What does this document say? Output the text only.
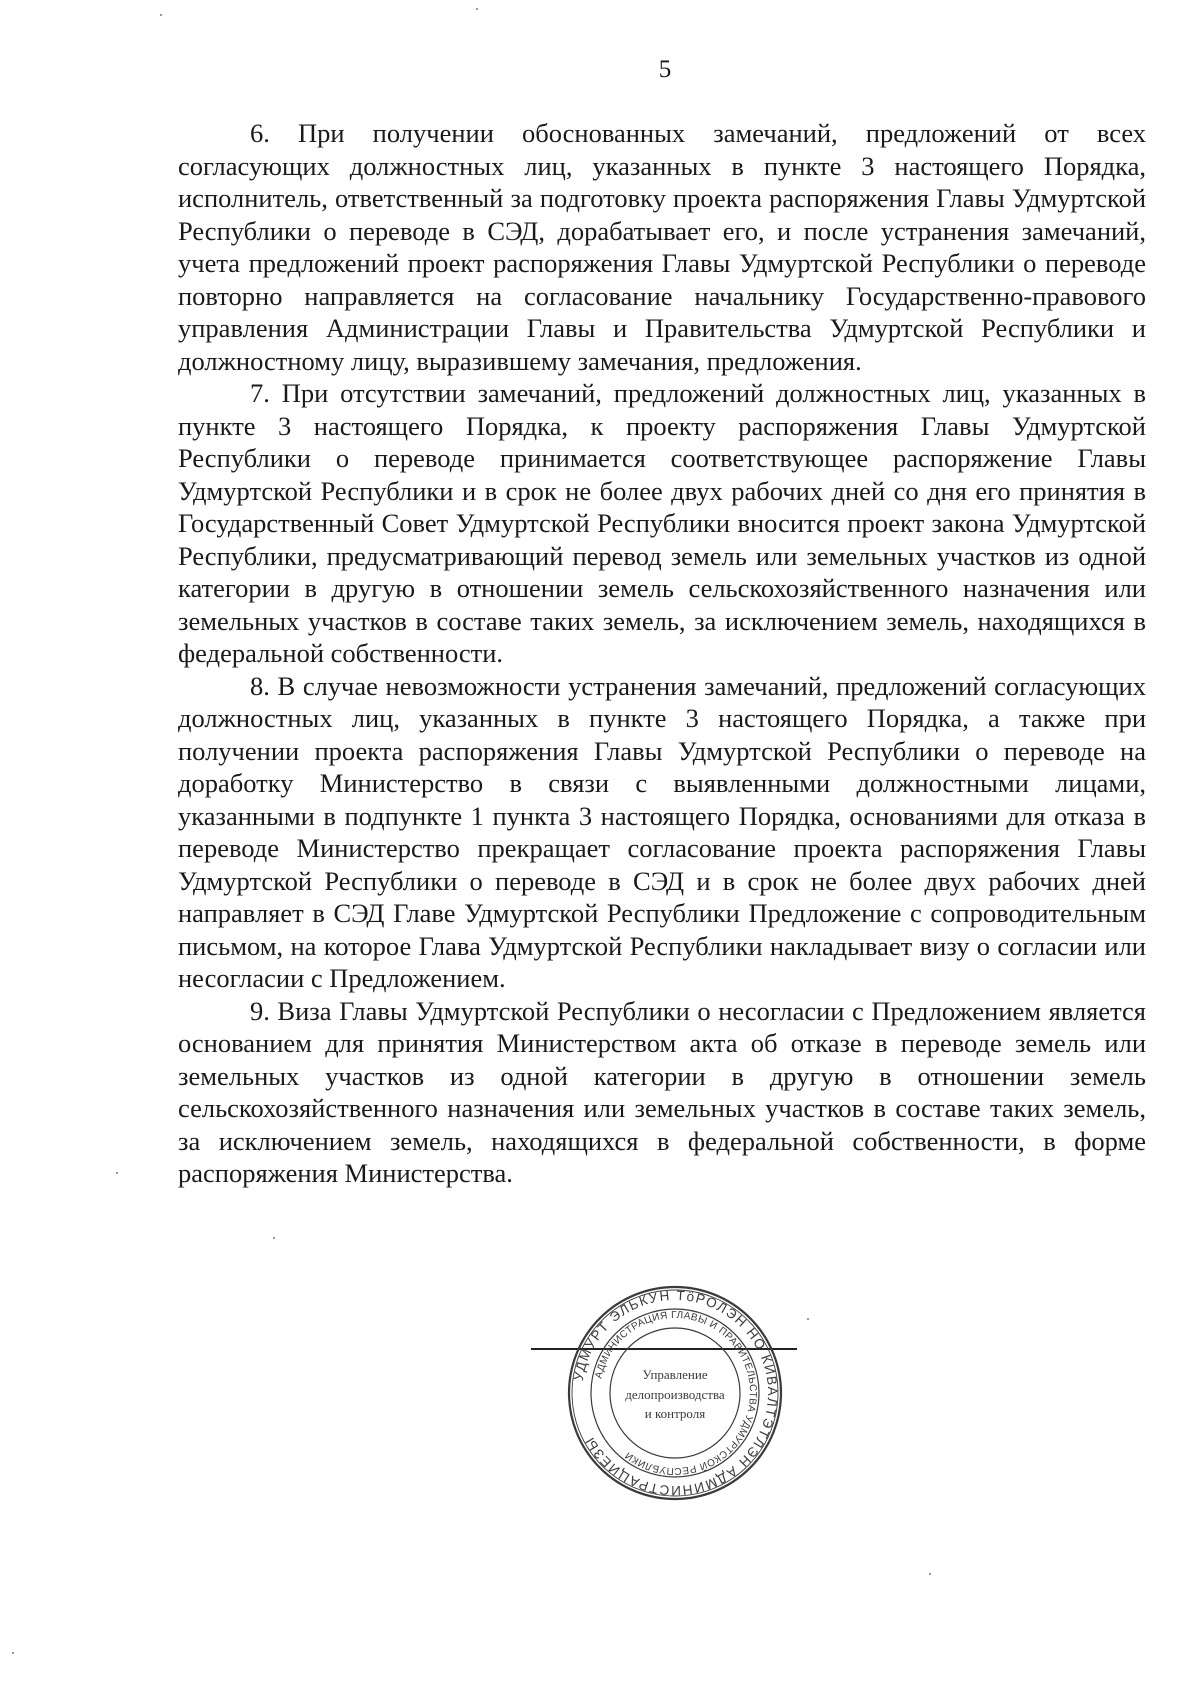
5

6. При получении обоснованных замечаний, предложений от всех согласующих должностных лиц, указанных в пункте 3 настоящего Порядка, исполнитель, ответственный за подготовку проекта распоряжения Главы Удмуртской Республики о переводе в СЭД, дорабатывает его, и после устранения замечаний, учета предложений проект распоряжения Главы Удмуртской Республики о переводе повторно направляется на согласование начальнику Государственно-правового управления Администрации Главы и Правительства Удмуртской Республики и должностному лицу, выразившему замечания, предложения.

7. При отсутствии замечаний, предложений должностных лиц, указанных в пункте 3 настоящего Порядка, к проекту распоряжения Главы Удмуртской Республики о переводе принимается соответствующее распоряжение Главы Удмуртской Республики и в срок не более двух рабочих дней со дня его принятия в Государственный Совет Удмуртской Республики вносится проект закона Удмуртской Республики, предусматривающий перевод земель или земельных участков из одной категории в другую в отношении земель сельскохозяйственного назначения или земельных участков в составе таких земель, за исключением земель, находящихся в федеральной собственности.

8. В случае невозможности устранения замечаний, предложений согласующих должностных лиц, указанных в пункте 3 настоящего Порядка, а также при получении проекта распоряжения Главы Удмуртской Республики о переводе на доработку Министерство в связи с выявленными должностными лицами, указанными в подпункте 1 пункта 3 настоящего Порядка, основаниями для отказа в переводе Министерство прекращает согласование проекта распоряжения Главы Удмуртской Республики о переводе в СЭД и в срок не более двух рабочих дней направляет в СЭД Главе Удмуртской Республики Предложение с сопроводительным письмом, на которое Глава Удмуртской Республики накладывает визу о согласии или несогласии с Предложением.

9. Виза Главы Удмуртской Республики о несогласии с Предложением является основанием для принятия Министерством акта об отказе в переводе земель или земельных участков из одной категории в другую в отношении земель сельскохозяйственного назначения или земельных участков в составе таких земель, за исключением земель, находящихся в федеральной собственности, в форме распоряжения Министерства.

УДМУРТ ЭЛЬКУН ТӧРОЛЭН НО КИВАЛТЭТЛЭН АДМИНИСТРАЦИЕЗЫ
АДМИНИСТРАЦИЯ ГЛАВЫ И ПРАВИТЕЛЬСТВА УДМУРТСКОЙ РЕСПУБЛИКИ
Управление
делопроизводства
и контроля
